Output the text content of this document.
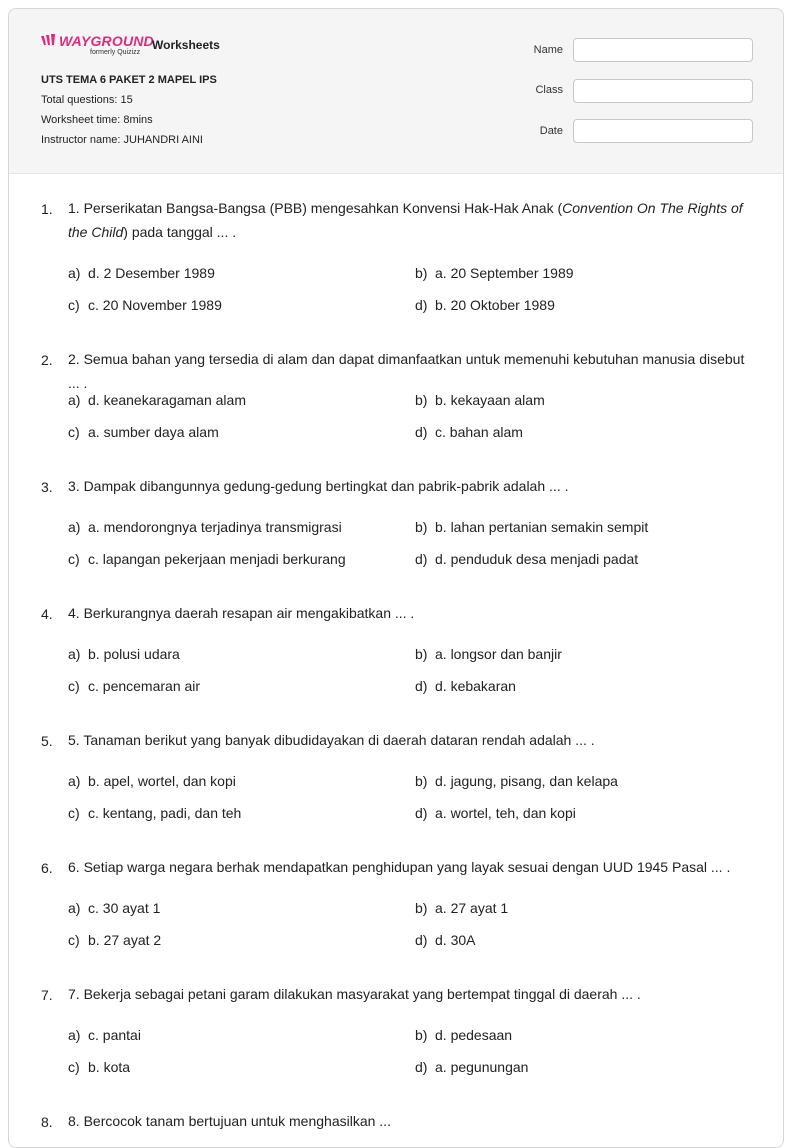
WAYGROUND
formerly Quizizz
Worksheets
UTS TEMA 6 PAKET 2 MAPEL IPS
Total questions: 15
Worksheet time: 8mins
Instructor name: JUHANDRI AINI
Name
Class
Date
1. 1. Perserikatan Bangsa-Bangsa (PBB) mengesahkan Konvensi Hak-Hak Anak (Convention On The Rights of the Child) pada tanggal ... .
a) d. 2 Desember 1989	b) a. 20 September 1989
c) c. 20 November 1989	d) b. 20 Oktober 1989
2. 2. Semua bahan yang tersedia di alam dan dapat dimanfaatkan untuk memenuhi kebutuhan manusia disebut ... .
a) d. keanekaragaman alam	b) b. kekayaan alam
c) a. sumber daya alam	d) c. bahan alam
3. 3. Dampak dibangunnya gedung-gedung bertingkat dan pabrik-pabrik adalah ... .
a) a. mendorongnya terjadinya transmigrasi	b) b. lahan pertanian semakin sempit
c) c. lapangan pekerjaan menjadi berkurang	d) d. penduduk desa menjadi padat
4. 4. Berkurangnya daerah resapan air mengakibatkan ... .
a) b. polusi udara	b) a. longsor dan banjir
c) c. pencemaran air	d) d. kebakaran
5. 5. Tanaman berikut yang banyak dibudidayakan di daerah dataran rendah adalah ... .
a) b. apel, wortel, dan kopi	b) d. jagung, pisang, dan kelapa
c) c. kentang, padi, dan teh	d) a. wortel, teh, dan kopi
6. 6. Setiap warga negara berhak mendapatkan penghidupan yang layak sesuai dengan UUD 1945 Pasal ... .
a) c. 30 ayat 1	b) a. 27 ayat 1
c) b. 27 ayat 2	d) d. 30A
7. 7. Bekerja sebagai petani garam dilakukan masyarakat yang bertempat tinggal di daerah ... .
a) c. pantai	b) d. pedesaan
c) b. kota	d) a. pegunungan
8. 8. Bercocok tanam bertujuan untuk menghasilkan ...
